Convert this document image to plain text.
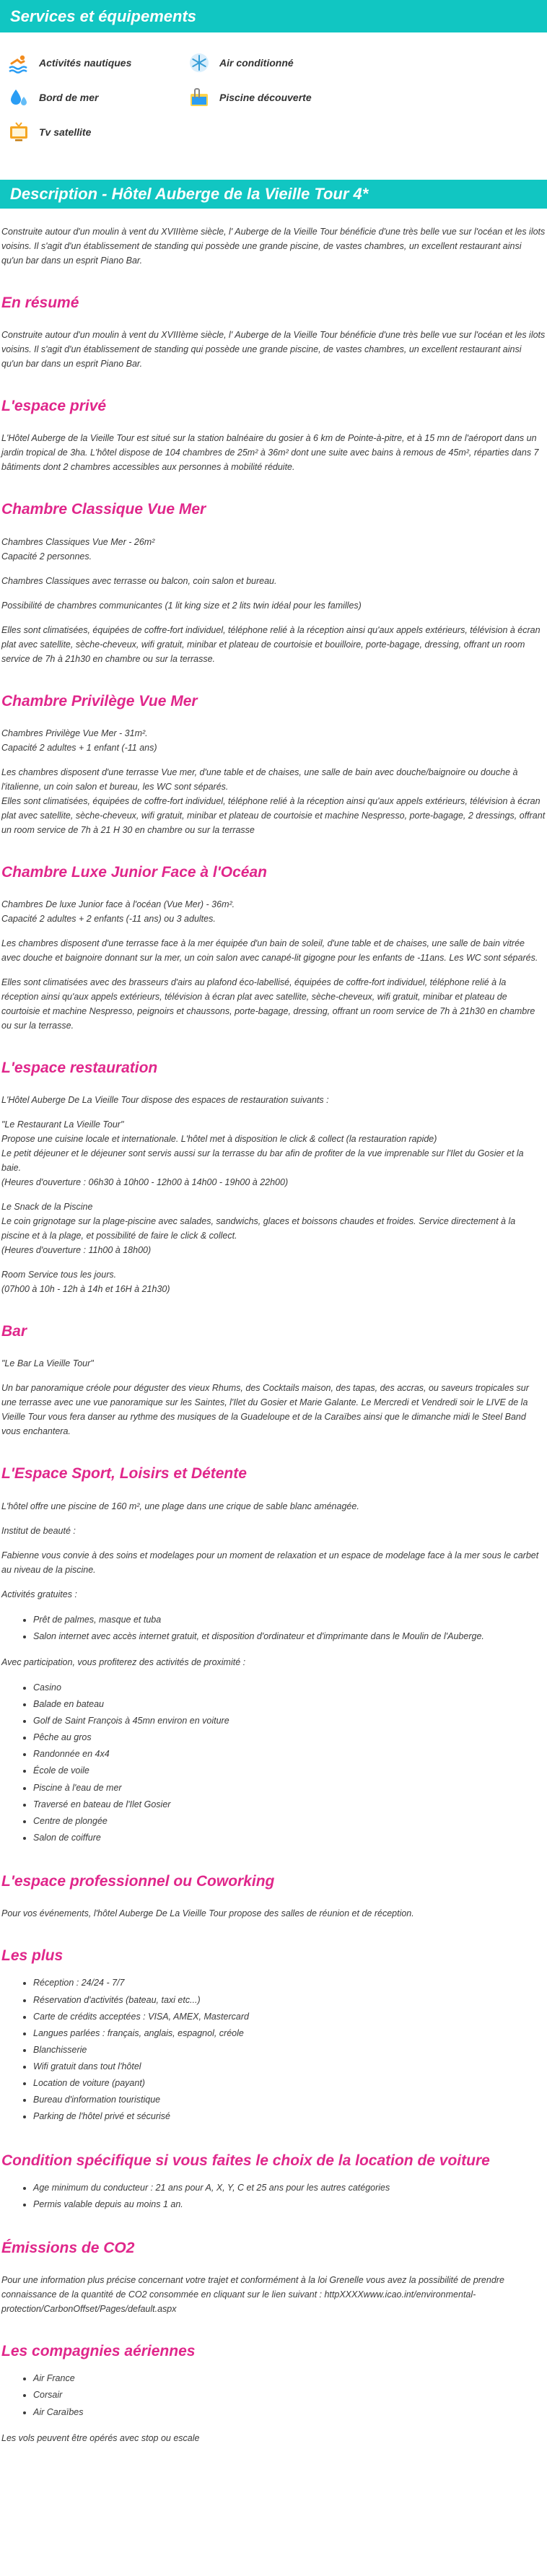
Services et équipements
Activités nautiques	Air conditionné
Bord de mer	Piscine découverte
Tv satellite
Description - Hôtel Auberge de la Vieille Tour 4*

Construite autour d'un moulin à vent du XVIIIème siècle, l' Auberge de la Vieille Tour bénéficie d'une très belle vue sur l'océan et les ilots voisins. Il s'agit d'un établissement de standing qui possède une grande piscine, de vastes chambres, un excellent restaurant ainsi qu'un bar dans un esprit Piano Bar.

En résumé

Construite autour d'un moulin à vent du XVIIIème siècle, l' Auberge de la Vieille Tour bénéficie d'une très belle vue sur l'océan et les ilots voisins. Il s'agit d'un établissement de standing qui possède une grande piscine, de vastes chambres, un excellent restaurant ainsi qu'un bar dans un esprit Piano Bar.

L'espace privé

L'Hôtel Auberge de la Vieille Tour est situé sur la station balnéaire du gosier à 6 km de Pointe-à-pitre, et à 15 mn de l'aéroport dans un jardin tropical de 3ha. L'hôtel dispose de 104 chambres de 25m² à 36m² dont une suite avec bains à remous de 45m², réparties dans 7 bâtiments dont 2 chambres accessibles aux personnes à mobilité réduite.

Chambre Classique Vue Mer

Chambres Classiques Vue Mer - 26m²
Capacité 2 personnes.

Chambres Classiques avec terrasse ou balcon, coin salon et bureau.

Possibilité de chambres communicantes (1 lit king size et 2 lits twin idéal pour les familles)

Elles sont climatisées, équipées de coffre-fort individuel, téléphone relié à la réception ainsi qu'aux appels extérieurs, télévision à écran plat avec satellite, sèche-cheveux, wifi gratuit, minibar et plateau de courtoisie et bouilloire, porte-bagage, dressing, offrant un room service de 7h à 21h30 en chambre ou sur la terrasse.

Chambre Privilège Vue Mer

Chambres Privilège Vue Mer - 31m².
Capacité 2 adultes + 1 enfant (-11 ans)

Les chambres disposent d'une terrasse Vue mer, d'une table et de chaises, une salle de bain avec douche/baignoire ou douche à l'italienne, un coin salon et bureau, les WC sont séparés.
Elles sont climatisées, équipées de coffre-fort individuel, téléphone relié à la réception ainsi qu'aux appels extérieurs, télévision à écran plat avec satellite, sèche-cheveux, wifi gratuit, minibar et plateau de courtoisie et machine Nespresso, porte-bagage, 2 dressings, offrant un room service de 7h à 21 H 30 en chambre ou sur la terrasse

Chambre Luxe Junior Face à l'Océan

Chambres De luxe Junior face à l'océan (Vue Mer) - 36m².
Capacité 2 adultes + 2 enfants (-11 ans) ou 3 adultes.

Les chambres disposent d'une terrasse face à la mer équipée d'un bain de soleil, d'une table et de chaises, une salle de bain vitrée avec douche et baignoire donnant sur la mer, un coin salon avec canapé-lit gigogne pour les enfants de -11ans. Les WC sont séparés.

Elles sont climatisées avec des brasseurs d'airs au plafond éco-labellisé, équipées de coffre-fort individuel, téléphone relié à la réception ainsi qu'aux appels extérieurs, télévision à écran plat avec satellite, sèche-cheveux, wifi gratuit, minibar et plateau de courtoisie et machine Nespresso, peignoirs et chaussons, porte-bagage, dressing, offrant un room service de 7h à 21h30 en chambre ou sur la terrasse.

L'espace restauration

L'Hôtel Auberge De La Vieille Tour dispose des espaces de restauration suivants :

"Le Restaurant La Vieille Tour"
Propose une cuisine locale et internationale. L'hôtel met à disposition le click & collect (la restauration rapide)
Le petit déjeuner et le déjeuner sont servis aussi sur la terrasse du bar afin de profiter de la vue imprenable sur l'Ilet du Gosier et la baie.
(Heures d'ouverture : 06h30 à 10h00 - 12h00 à 14h00 - 19h00 à 22h00)

Le Snack de la Piscine
Le coin grignotage sur la plage-piscine avec salades, sandwichs, glaces et boissons chaudes et froides. Service directement à la piscine et à la plage, et possibilité de faire le click & collect.
(Heures d'ouverture : 11h00 à 18h00)

Room Service tous les jours.
(07h00 à 10h - 12h à 14h et 16H à 21h30)

Bar

"Le Bar La Vieille Tour"

Un bar panoramique créole pour déguster des vieux Rhums, des Cocktails maison, des tapas, des accras, ou saveurs tropicales sur une terrasse avec une vue panoramique sur les Saintes, l'Ilet du Gosier et Marie Galante. Le Mercredi et Vendredi soir le LIVE de la Vieille Tour vous fera danser au rythme des musiques de la Guadeloupe et de la Caraïbes ainsi que le dimanche midi le Steel Band vous enchantera.

L'Espace Sport, Loisirs et Détente

L'hôtel offre une piscine de 160 m², une plage dans une crique de sable blanc aménagée.

Institut de beauté :

Fabienne vous convie à des soins et modelages pour un moment de relaxation et un espace de modelage face à la mer sous le carbet au niveau de la piscine.

Activités gratuites :

• Prêt de palmes, masque et tuba
• Salon internet avec accès internet gratuit, et disposition d'ordinateur et d'imprimante dans le Moulin de l'Auberge.

Avec participation, vous profiterez des activités de proximité :

• Casino
• Balade en bateau
• Golf de Saint François à 45mn environ en voiture
• Pêche au gros
• Randonnée en 4x4
• École de voile
• Piscine à l'eau de mer
• Traversé en bateau de l'Ilet Gosier
• Centre de plongée
• Salon de coiffure
L'espace professionnel ou Coworking

Pour vos événements, l'hôtel Auberge De La Vieille Tour propose des salles de réunion et de réception.

Les plus
• Réception : 24/24 - 7/7
• Réservation d'activités (bateau, taxi etc...)
• Carte de crédits acceptées : VISA, AMEX, Mastercard
• Langues parlées : français, anglais, espagnol, créole
• Blanchisserie
• Wifi gratuit dans tout l'hôtel
• Location de voiture (payant)
• Bureau d'information touristique
• Parking de l'hôtel privé et sécurisé
Condition spécifique si vous faites le choix de la location de voiture
• Age minimum du conducteur : 21 ans pour A, X, Y, C et 25 ans pour les autres catégories
• Permis valable depuis au moins 1 an.
Émissions de CO2

Pour une information plus précise concernant votre trajet et conformément à la loi Grenelle vous avez la possibilité de prendre connaissance de la quantité de CO2 consommée en cliquant sur le lien suivant : httpXXXXwww.icao.int/environmental-protection/CarbonOffset/Pages/default.aspx

Les compagnies aériennes
• Air France
• Corsair
• Air Caraïbes

Les vols peuvent être opérés avec stop ou escale
